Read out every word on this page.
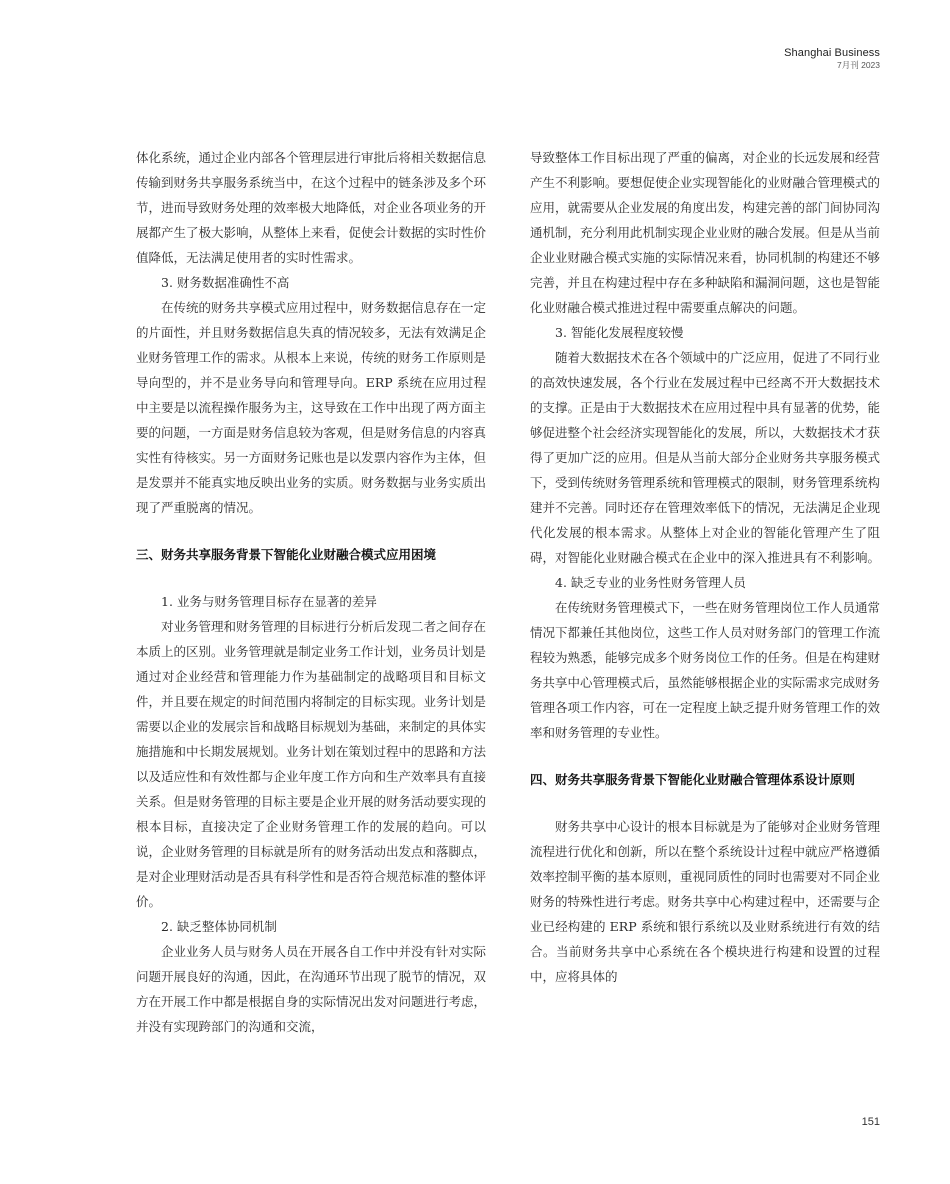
Shanghai Business
7月刊 2023

体化系统，通过企业内部各个管理层进行审批后将相关数据信息传输到财务共享服务系统当中，在这个过程中的链条涉及多个环节，进而导致财务处理的效率极大地降低，对企业各项业务的开展都产生了极大影响，从整体上来看，促使会计数据的实时性价值降低，无法满足使用者的实时性需求。

3. 财务数据准确性不高

在传统的财务共享模式应用过程中，财务数据信息存在一定的片面性，并且财务数据信息失真的情况较多，无法有效满足企业财务管理工作的需求。从根本上来说，传统的财务工作原则是导向型的，并不是业务导向和管理导向。ERP 系统在应用过程中主要是以流程操作服务为主，这导致在工作中出现了两方面主要的问题，一方面是财务信息较为客观，但是财务信息的内容真实性有待核实。另一方面财务记账也是以发票内容作为主体，但是发票并不能真实地反映出业务的实质。财务数据与业务实质出现了严重脱离的情况。

三、财务共享服务背景下智能化业财融合模式应用困境

1. 业务与财务管理目标存在显著的差异

对业务管理和财务管理的目标进行分析后发现二者之间存在本质上的区别。业务管理就是制定业务工作计划，业务员计划是通过对企业经营和管理能力作为基础制定的战略项目和目标文件，并且要在规定的时间范围内将制定的目标实现。业务计划是需要以企业的发展宗旨和战略目标规划为基础，来制定的具体实施措施和中长期发展规划。业务计划在策划过程中的思路和方法以及适应性和有效性都与企业年度工作方向和生产效率具有直接关系。但是财务管理的目标主要是企业开展的财务活动要实现的根本目标，直接决定了企业财务管理工作的发展的趋向。可以说，企业财务管理的目标就是所有的财务活动出发点和落脚点，是对企业理财活动是否具有科学性和是否符合规范标准的整体评价。

2. 缺乏整体协同机制

企业业务人员与财务人员在开展各自工作中并没有针对实际问题开展良好的沟通，因此，在沟通环节出现了脱节的情况，双方在开展工作中都是根据自身的实际情况出发对问题进行考虑，并没有实现跨部门的沟通和交流，

导致整体工作目标出现了严重的偏离，对企业的长远发展和经营产生不利影响。要想促使企业实现智能化的业财融合管理模式的应用，就需要从企业发展的角度出发，构建完善的部门间协同沟通机制，充分利用此机制实现企业业财的融合发展。但是从当前企业业财融合模式实施的实际情况来看，协同机制的构建还不够完善，并且在构建过程中存在多种缺陷和漏洞问题，这也是智能化业财融合模式推进过程中需要重点解决的问题。

3. 智能化发展程度较慢

随着大数据技术在各个领域中的广泛应用，促进了不同行业的高效快速发展，各个行业在发展过程中已经离不开大数据技术的支撑。正是由于大数据技术在应用过程中具有显著的优势，能够促进整个社会经济实现智能化的发展，所以，大数据技术才获得了更加广泛的应用。但是从当前大部分企业财务共享服务模式下，受到传统财务管理系统和管理模式的限制，财务管理系统构建并不完善。同时还存在管理效率低下的情况，无法满足企业现代化发展的根本需求。从整体上对企业的智能化管理产生了阻碍，对智能化业财融合模式在企业中的深入推进具有不利影响。

4. 缺乏专业的业务性财务管理人员

在传统财务管理模式下，一些在财务管理岗位工作人员通常情况下都兼任其他岗位，这些工作人员对财务部门的管理工作流程较为熟悉，能够完成多个财务岗位工作的任务。但是在构建财务共享中心管理模式后，虽然能够根据企业的实际需求完成财务管理各项工作内容，可在一定程度上缺乏提升财务管理工作的效率和财务管理的专业性。

四、财务共享服务背景下智能化业财融合管理体系设计原则

财务共享中心设计的根本目标就是为了能够对企业财务管理流程进行优化和创新，所以在整个系统设计过程中就应严格遵循效率控制平衡的基本原则，重视同质性的同时也需要对不同企业财务的特殊性进行考虑。财务共享中心构建过程中，还需要与企业已经构建的 ERP 系统和银行系统以及业财系统进行有效的结合。当前财务共享中心系统在各个模块进行构建和设置的过程中，应将具体的

151
